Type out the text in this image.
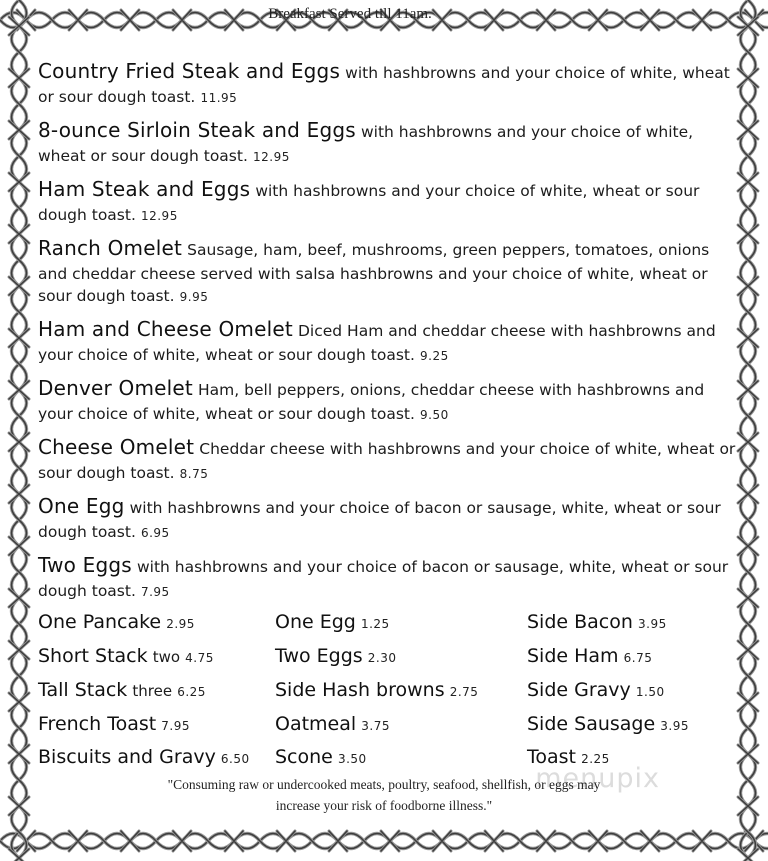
Breakfast Served till 11am.

Country Fried Steak and Eggs with hashbrowns and your choice of white, wheat or sour dough toast. 11.95

8-ounce Sirloin Steak and Eggs with hashbrowns and your choice of white, wheat or sour dough toast. 12.95

Ham Steak and Eggs with hashbrowns and your choice of white, wheat or sour dough toast. 12.95

Ranch Omelet Sausage, ham, beef, mushrooms, green peppers, tomatoes, onions and cheddar cheese served with salsa hashbrowns and your choice of white, wheat or sour dough toast. 9.95

Ham and Cheese Omelet Diced Ham and cheddar cheese with hashbrowns and your choice of white, wheat or sour dough toast. 9.25

Denver Omelet Ham, bell peppers, onions, cheddar cheese with hashbrowns and your choice of white, wheat or sour dough toast. 9.50

Cheese Omelet Cheddar cheese with hashbrowns and your choice of white, wheat or sour dough toast. 8.75

One Egg with hashbrowns and your choice of bacon or sausage, white, wheat or sour dough toast. 6.95

Two Eggs with hashbrowns and your choice of bacon or sausage, white, wheat or sour dough toast. 7.95

One Pancake 2.95
Short Stack two 4.75
Tall Stack three 6.25
French Toast 7.95
Biscuits and Gravy 6.50
One Egg 1.25
Two Eggs 2.30
Side Hash browns 2.75
Oatmeal 3.75
Scone 3.50
Side Bacon 3.95
Side Ham 6.75
Side Gravy 1.50
Side Sausage 3.95
Toast 2.25
menupix
"Consuming raw or undercooked meats, poultry, seafood, shellfish, or eggs may
increase your risk of foodborne illness."
